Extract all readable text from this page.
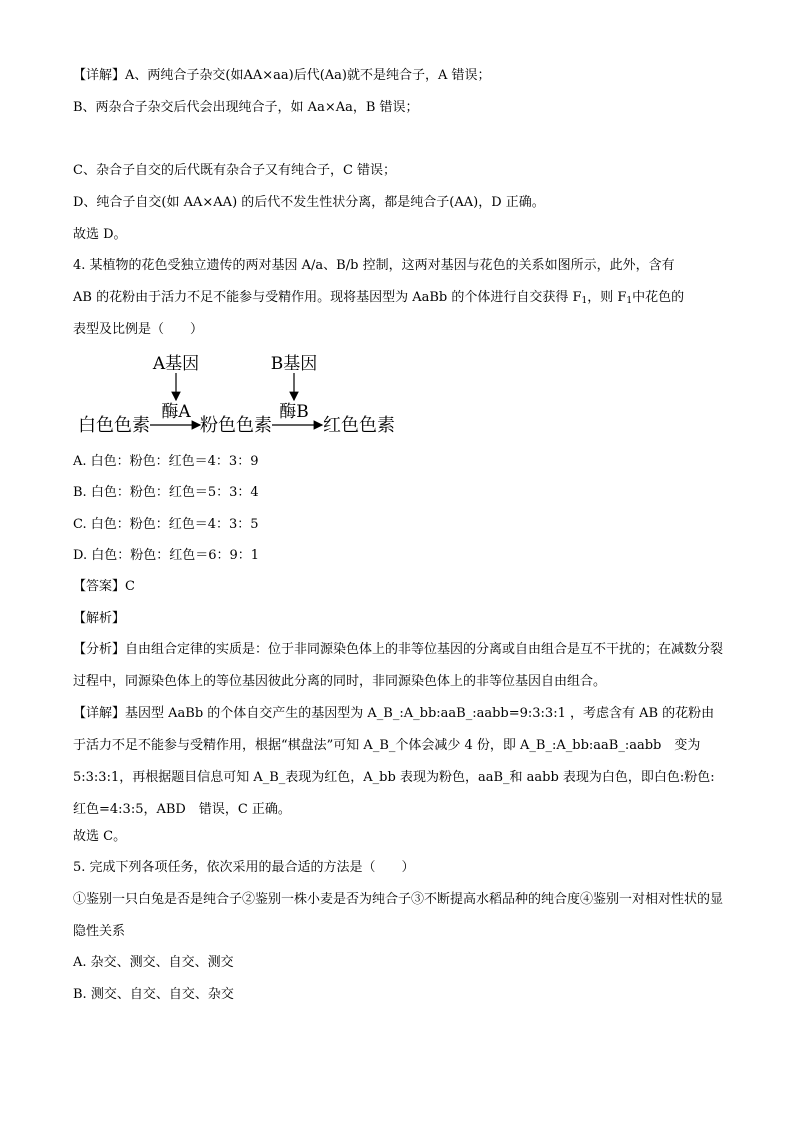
【详解】A、两纯合子杂交(如AA×aa)后代(Aa)就不是纯合子，A 错误；
B、两杂合子杂交后代会出现纯合子，如 Aa×Aa，B 错误；
C、杂合子自交的后代既有杂合子又有纯合子，C 错误；
D、纯合子自交(如 AA×AA) 的后代不发生性状分离，都是纯合子(AA)，D 正确。
故选 D。
4. 某植物的花色受独立遗传的两对基因 A/a、B/b 控制，这两对基因与花色的关系如图所示，此外，含有
AB 的花粉由于活力不足不能参与受精作用。现将基因型为 AaBb 的个体进行自交获得 $F_1$，则 $F_1$中花色的
表型及比例是（　　）
A基因	B基因
酶A	酶B
白色色素	粉色色素	红色色素
A. 白色：粉色：红色＝4：3：9
B. 白色：粉色：红色＝5：3：4
C. 白色：粉色：红色＝4：3：5
D. 白色：粉色：红色＝6：9：1
【答案】C
【解析】
【分析】自由组合定律的实质是：位于非同源染色体上的非等位基因的分离或自由组合是互不干扰的；在减数分裂过程中，同源染色体上的等位基因彼此分离的同时，非同源染色体上的非等位基因自由组合。
【详解】基因型 AaBb 的个体自交产生的基因型为 A_B_:A_bb:aaB_:aabb=9:3:3:1 ，考虑含有 AB 的花粉由于活力不足不能参与受精作用，根据“棋盘法”可知 A_B_个体会减少 4 份，即 A_B_:A_bb:aaB_:aabb　变为 5:3:3:1，再根据题目信息可知 A_B_表现为红色，A_bb 表现为粉色，aaB_和 aabb 表现为白色，即白色:粉色:红色=4:3:5，ABD　错误，C 正确。
故选 C。
5. 完成下列各项任务，依次采用的最合适的方法是（　　）
①鉴别一只白兔是否是纯合子②鉴别一株小麦是否为纯合子③不断提高水稻品种的纯合度④鉴别一对相对性状的显隐性关系
A. 杂交、测交、自交、测交
B. 测交、自交、自交、杂交
